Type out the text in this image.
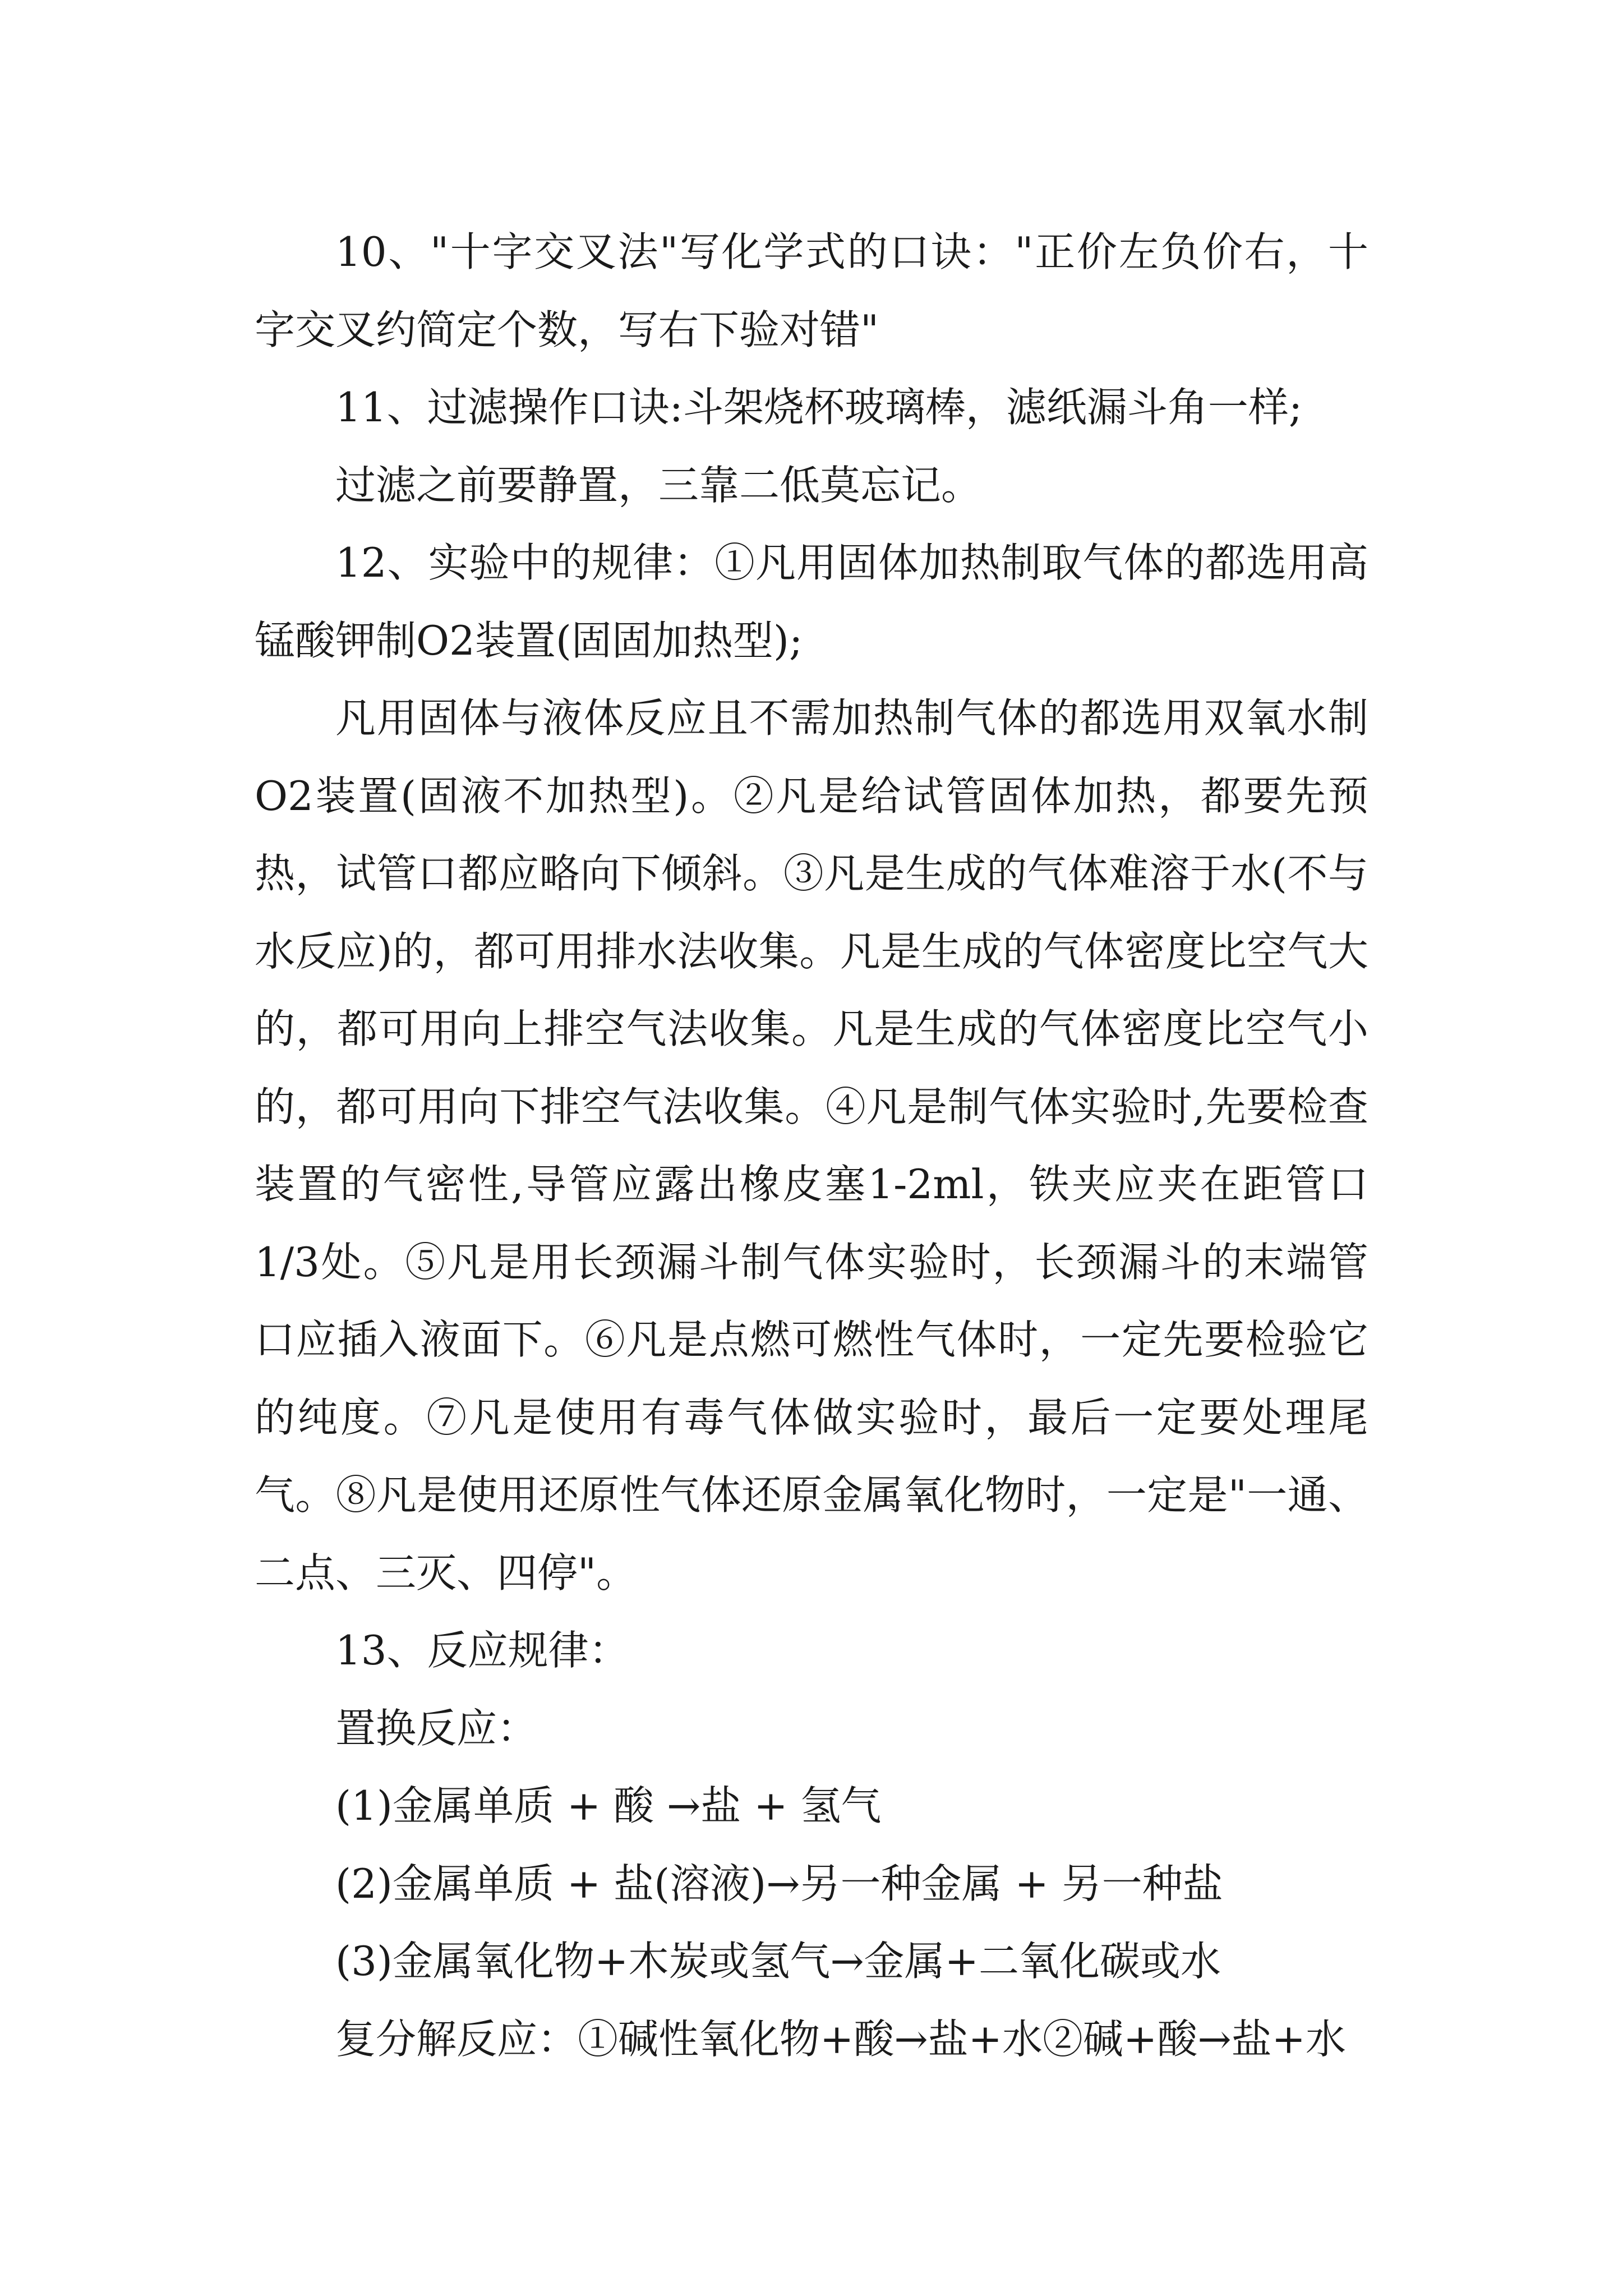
10、"十字交叉法"写化学式的口诀："正价左负价右，十字交叉约简定个数，写右下验对错"

11、过滤操作口诀:斗架烧杯玻璃棒，滤纸漏斗角一样;

过滤之前要静置，三靠二低莫忘记。

12、实验中的规律：①凡用固体加热制取气体的都选用高锰酸钾制O2装置(固固加热型);

凡用固体与液体反应且不需加热制气体的都选用双氧水制O2装置(固液不加热型)。②凡是给试管固体加热，都要先预热，试管口都应略向下倾斜。③凡是生成的气体难溶于水(不与水反应)的，都可用排水法收集。凡是生成的气体密度比空气大的，都可用向上排空气法收集。凡是生成的气体密度比空气小的，都可用向下排空气法收集。④凡是制气体实验时,先要检查装置的气密性,导管应露出橡皮塞1-2ml，铁夹应夹在距管口1/3处。⑤凡是用长颈漏斗制气体实验时，长颈漏斗的末端管口应插入液面下。⑥凡是点燃可燃性气体时，一定先要检验它的纯度。⑦凡是使用有毒气体做实验时，最后一定要处理尾气。⑧凡是使用还原性气体还原金属氧化物时，一定是"一通、二点、三灭、四停"。

13、反应规律：

置换反应：

(1)金属单质 + 酸 →盐 + 氢气

(2)金属单质 + 盐(溶液)→另一种金属 + 另一种盐

(3)金属氧化物+木炭或氢气→金属+二氧化碳或水

复分解反应：①碱性氧化物+酸→盐+水②碱+酸→盐+水
